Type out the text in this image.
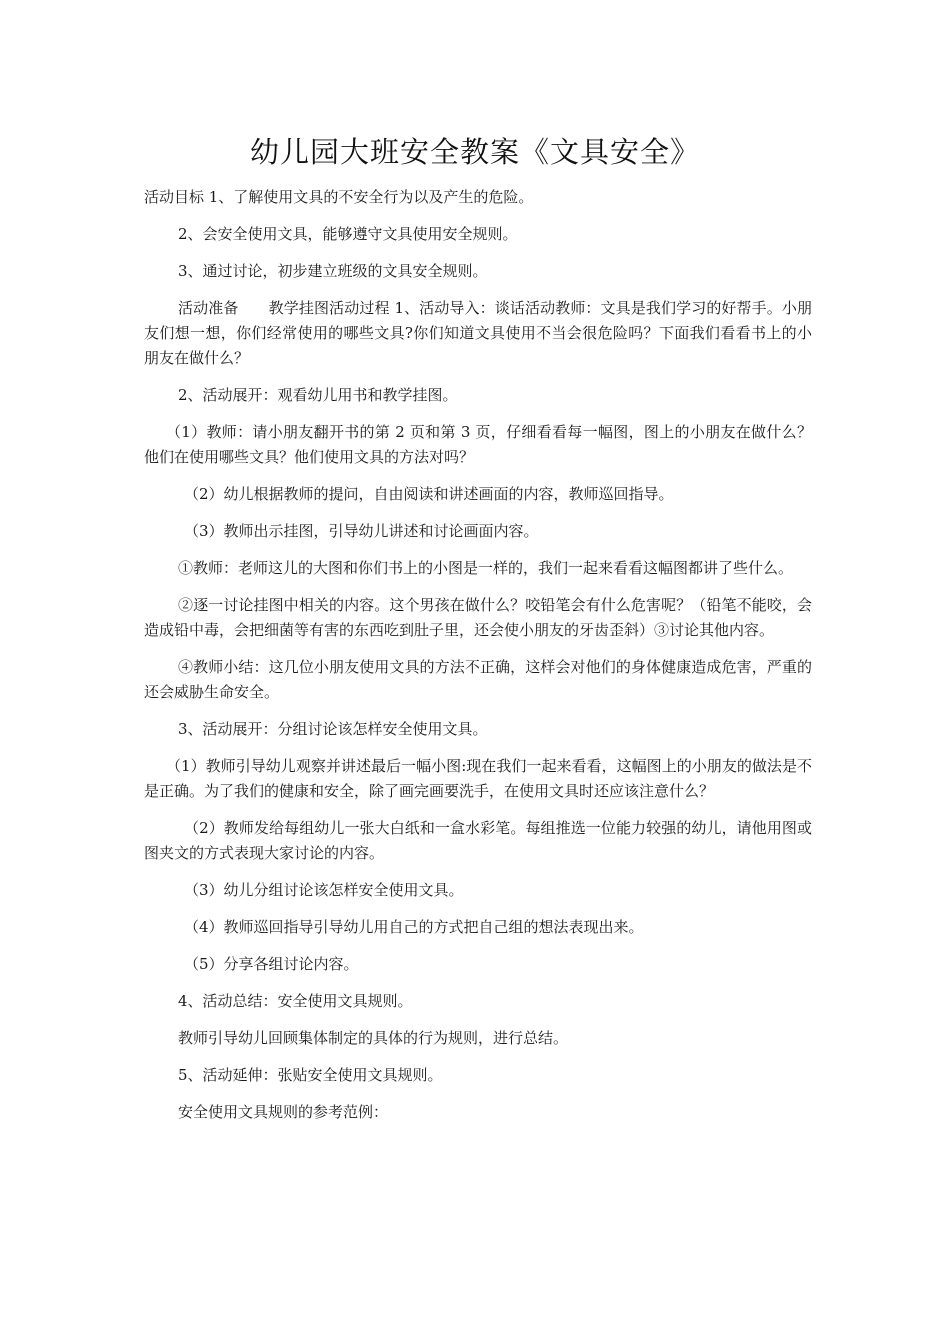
幼儿园大班安全教案《文具安全》

活动目标 1、了解使用文具的不安全行为以及产生的危险。

2、会安全使用文具，能够遵守文具使用安全规则。

3、通过讨论，初步建立班级的文具安全规则。

活动准备　　教学挂图活动过程 1、活动导入：谈话活动教师：文具是我们学习的好帮手。小朋友们想一想，你们经常使用的哪些文具?你们知道文具使用不当会很危险吗？下面我们看看书上的小朋友在做什么？

2、活动展开：观看幼儿用书和教学挂图。

（1）教师：请小朋友翻开书的第 2 页和第 3 页，仔细看看每一幅图，图上的小朋友在做什么？他们在使用哪些文具？他们使用文具的方法对吗？

（2）幼儿根据教师的提问，自由阅读和讲述画面的内容，教师巡回指导。

（3）教师出示挂图，引导幼儿讲述和讨论画面内容。

①教师：老师这儿的大图和你们书上的小图是一样的，我们一起来看看这幅图都讲了些什么。

②逐一讨论挂图中相关的内容。这个男孩在做什么？咬铅笔会有什么危害呢？（铅笔不能咬，会造成铅中毒，会把细菌等有害的东西吃到肚子里，还会使小朋友的牙齿歪斜）③讨论其他内容。

④教师小结：这几位小朋友使用文具的方法不正确，这样会对他们的身体健康造成危害，严重的还会威胁生命安全。

3、活动展开：分组讨论该怎样安全使用文具。

（1）教师引导幼儿观察并讲述最后一幅小图:现在我们一起来看看，这幅图上的小朋友的做法是不是正确。为了我们的健康和安全，除了画完画要洗手，在使用文具时还应该注意什么？

（2）教师发给每组幼儿一张大白纸和一盒水彩笔。每组推选一位能力较强的幼儿，请他用图或图夹文的方式表现大家讨论的内容。

（3）幼儿分组讨论该怎样安全使用文具。

（4）教师巡回指导引导幼儿用自己的方式把自己组的想法表现出来。

（5）分享各组讨论内容。

4、活动总结：安全使用文具规则。

教师引导幼儿回顾集体制定的具体的行为规则，进行总结。

5、活动延伸：张贴安全使用文具规则。

安全使用文具规则的参考范例：
